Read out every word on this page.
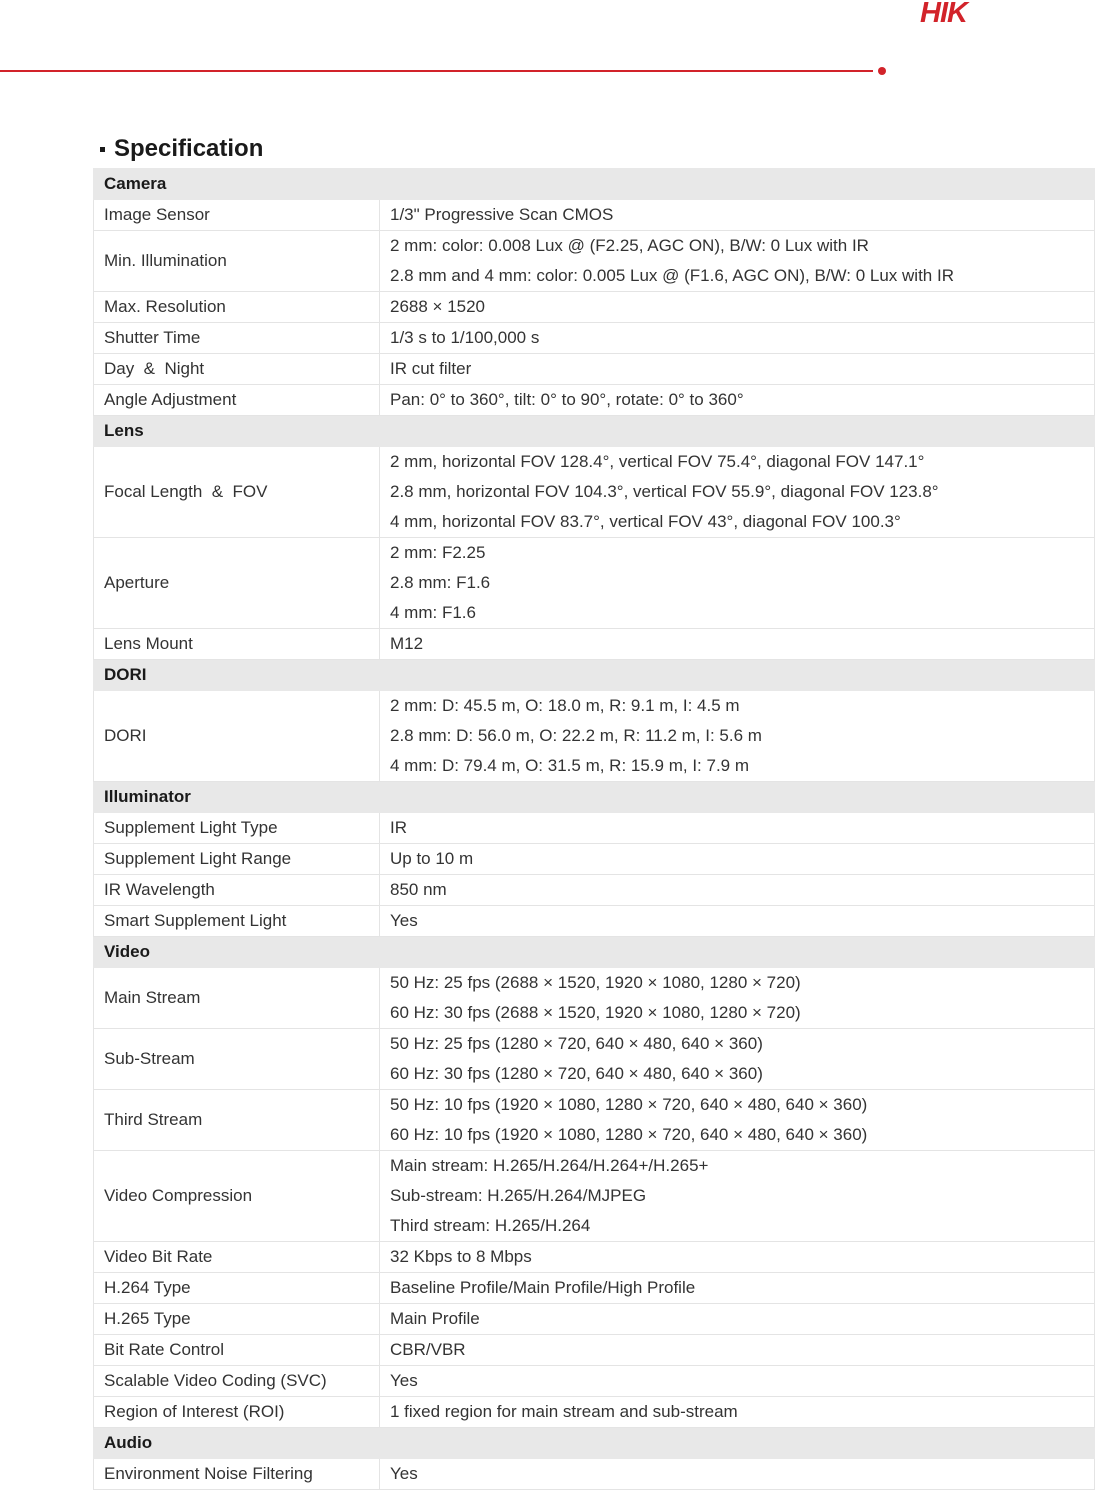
HIK
Specification
Camera	
Image Sensor	1/3" Progressive Scan CMOS

Min. Illumination	2 mm: color: 0.008 Lux @ (F2.25, AGC ON), B/W: 0 Lux with IR
2.8 mm and 4 mm: color: 0.005 Lux @ (F1.6, AGC ON), B/W: 0 Lux with IR

Max. Resolution	2688 × 1520

Shutter Time	1/3 s to 1/100,000 s

Day  &  Night	IR cut filter

Angle Adjustment	Pan: 0° to 360°, tilt: 0° to 90°, rotate: 0° to 360°

Lens	
Focal Length  &  FOV	2 mm, horizontal FOV 128.4°, vertical FOV 75.4°, diagonal FOV 147.1°
2.8 mm, horizontal FOV 104.3°, vertical FOV 55.9°, diagonal FOV 123.8°
4 mm, horizontal FOV 83.7°, vertical FOV 43°, diagonal FOV 100.3°

Aperture	2 mm: F2.25
2.8 mm: F1.6
4 mm: F1.6

Lens Mount	M12

DORI	
DORI	2 mm: D: 45.5 m, O: 18.0 m, R: 9.1 m, I: 4.5 m
2.8 mm: D: 56.0 m, O: 22.2 m, R: 11.2 m, I: 5.6 m
4 mm: D: 79.4 m, O: 31.5 m, R: 15.9 m, I: 7.9 m

Illuminator	
Supplement Light Type	IR

Supplement Light Range	Up to 10 m

IR Wavelength	850 nm

Smart Supplement Light	Yes

Video	
Main Stream	50 Hz: 25 fps (2688 × 1520, 1920 × 1080, 1280 × 720)
60 Hz: 30 fps (2688 × 1520, 1920 × 1080, 1280 × 720)

Sub-Stream	50 Hz: 25 fps (1280 × 720, 640 × 480, 640 × 360)
60 Hz: 30 fps (1280 × 720, 640 × 480, 640 × 360)

Third Stream	50 Hz: 10 fps (1920 × 1080, 1280 × 720, 640 × 480, 640 × 360)
60 Hz: 10 fps (1920 × 1080, 1280 × 720, 640 × 480, 640 × 360)

Video Compression	Main stream: H.265/H.264/H.264+/H.265+
Sub-stream: H.265/H.264/MJPEG
Third stream: H.265/H.264

Video Bit Rate	32 Kbps to 8 Mbps

H.264 Type	Baseline Profile/Main Profile/High Profile

H.265 Type	Main Profile

Bit Rate Control	CBR/VBR

Scalable Video Coding (SVC)	Yes

Region of Interest (ROI)	1 fixed region for main stream and sub-stream

Audio	
Environment Noise Filtering	Yes
